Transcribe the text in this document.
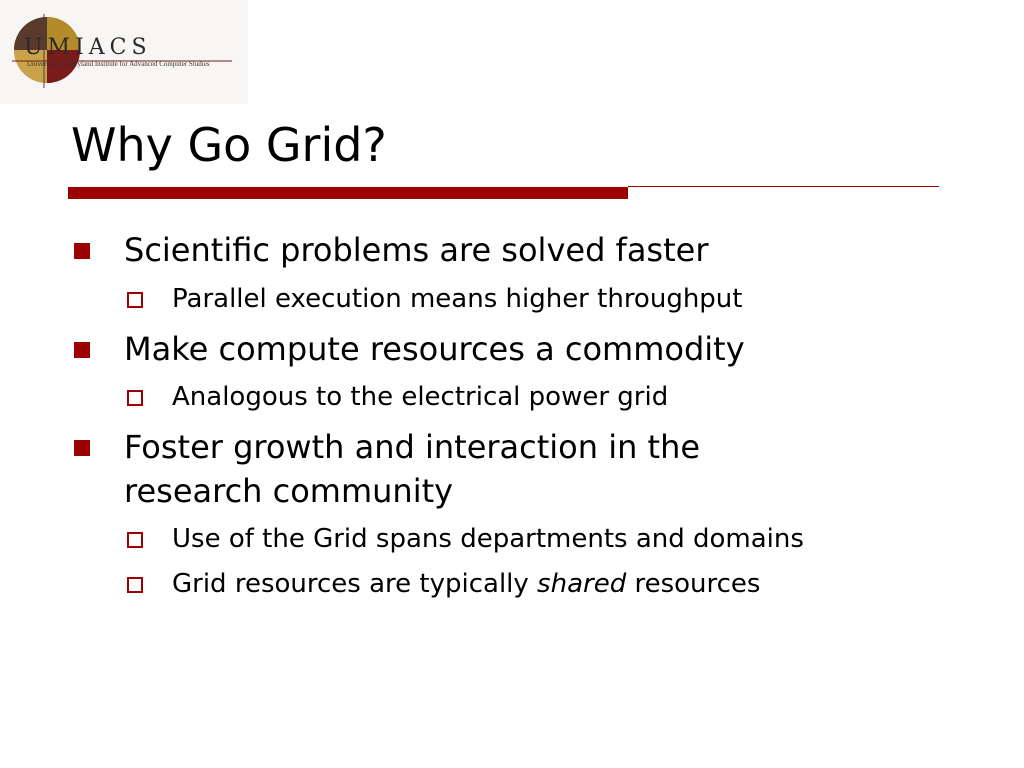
UMIACS
University of Maryland Institute for Advanced Computer Studies
Why Go Grid?
Scientific problems are solved faster
Parallel execution means higher throughput
Make compute resources a commodity
Analogous to the electrical power grid
Foster growth and interaction in the research community
Use of the Grid spans departments and domains
Grid resources are typically shared resources
